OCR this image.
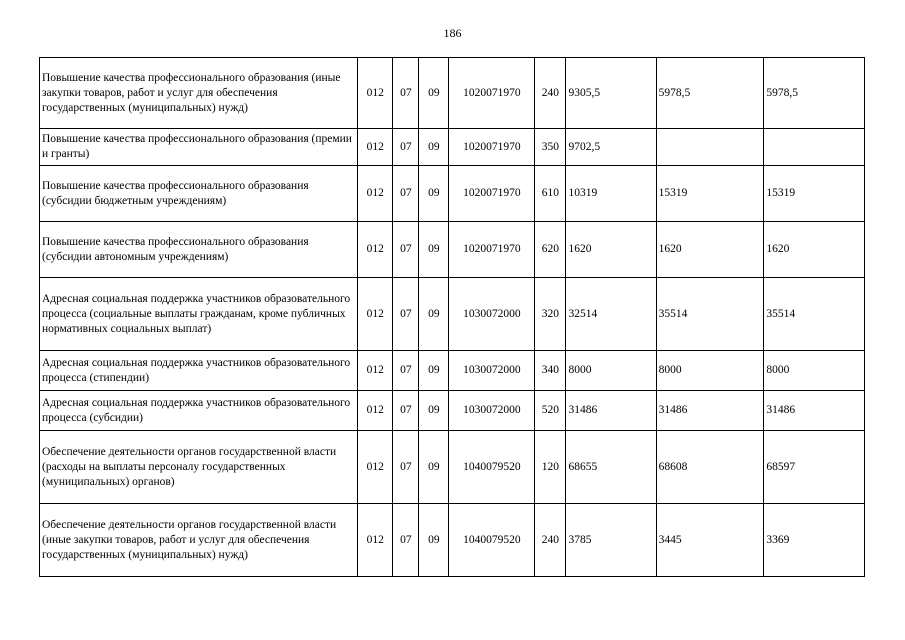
186
Повышение качества профессионального образования (иные закупки товаров, работ и услуг для обеспечения государственных (муниципальных) нужд)	012	07	09	1020071970	240	9305,5	5978,5	5978,5
Повышение качества профессионального образования (премии и гранты)	012	07	09	1020071970	350	9702,5		
Повышение качества профессионального образования (субсидии бюджетным учреждениям)	012	07	09	1020071970	610	10319	15319	15319
Повышение качества профессионального образования (субсидии автономным учреждениям)	012	07	09	1020071970	620	1620	1620	1620
Адресная социальная поддержка участников образовательного процесса (социальные выплаты гражданам, кроме публичных нормативных социальных выплат)	012	07	09	1030072000	320	32514	35514	35514
Адресная социальная поддержка участников образовательного процесса (стипендии)	012	07	09	1030072000	340	8000	8000	8000
Адресная социальная поддержка участников образовательного процесса (субсидии)	012	07	09	1030072000	520	31486	31486	31486
Обеспечение деятельности органов государственной власти (расходы на выплаты персоналу государственных (муниципальных) органов)	012	07	09	1040079520	120	68655	68608	68597
Обеспечение деятельности органов государственной власти (иные закупки товаров, работ и услуг для обеспечения государственных (муниципальных) нужд)	012	07	09	1040079520	240	3785	3445	3369
